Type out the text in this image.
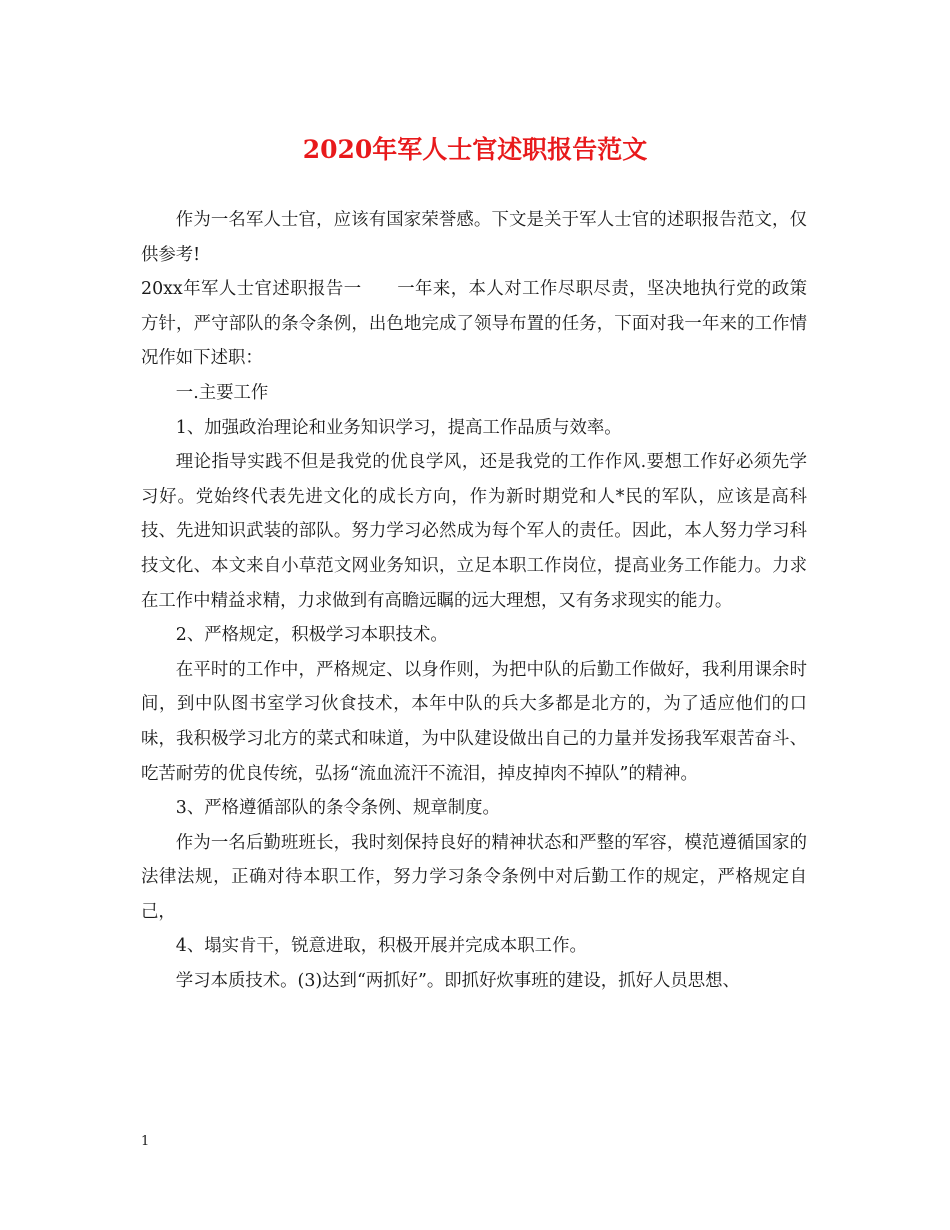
2020年军人士官述职报告范文

作为一名军人士官，应该有国家荣誉感。下文是关于军人士官的述职报告范文，仅供参考!

20xx年军人士官述职报告一　　一年来，本人对工作尽职尽责，坚决地执行党的政策方针，严守部队的条令条例，出色地完成了领导布置的任务，下面对我一年来的工作情况作如下述职：

一.主要工作

1、加强政治理论和业务知识学习，提高工作品质与效率。

理论指导实践不但是我党的优良学风，还是我党的工作作风.要想工作好必须先学习好。党始终代表先进文化的成长方向，作为新时期党和人*民的军队，应该是高科技、先进知识武装的部队。努力学习必然成为每个军人的责任。因此，本人努力学习科技文化、本文来自小草范文网业务知识，立足本职工作岗位，提高业务工作能力。力求在工作中精益求精，力求做到有高瞻远瞩的远大理想，又有务求现实的能力。

2、严格规定，积极学习本职技术。

在平时的工作中，严格规定、以身作则，为把中队的后勤工作做好，我利用课余时间，到中队图书室学习伙食技术，本年中队的兵大多都是北方的，为了适应他们的口味，我积极学习北方的菜式和味道，为中队建设做出自己的力量并发扬我军艰苦奋斗、吃苦耐劳的优良传统，弘扬“流血流汗不流泪，掉皮掉肉不掉队”的精神。

3、严格遵循部队的条令条例、规章制度。

作为一名后勤班班长，我时刻保持良好的精神状态和严整的军容，模范遵循国家的法律法规，正确对待本职工作，努力学习条令条例中对后勤工作的规定，严格规定自己，

4、塌实肯干，锐意进取，积极开展并完成本职工作。

学习本质技术。(3)达到“两抓好”。即抓好炊事班的建设，抓好人员思想、

1
